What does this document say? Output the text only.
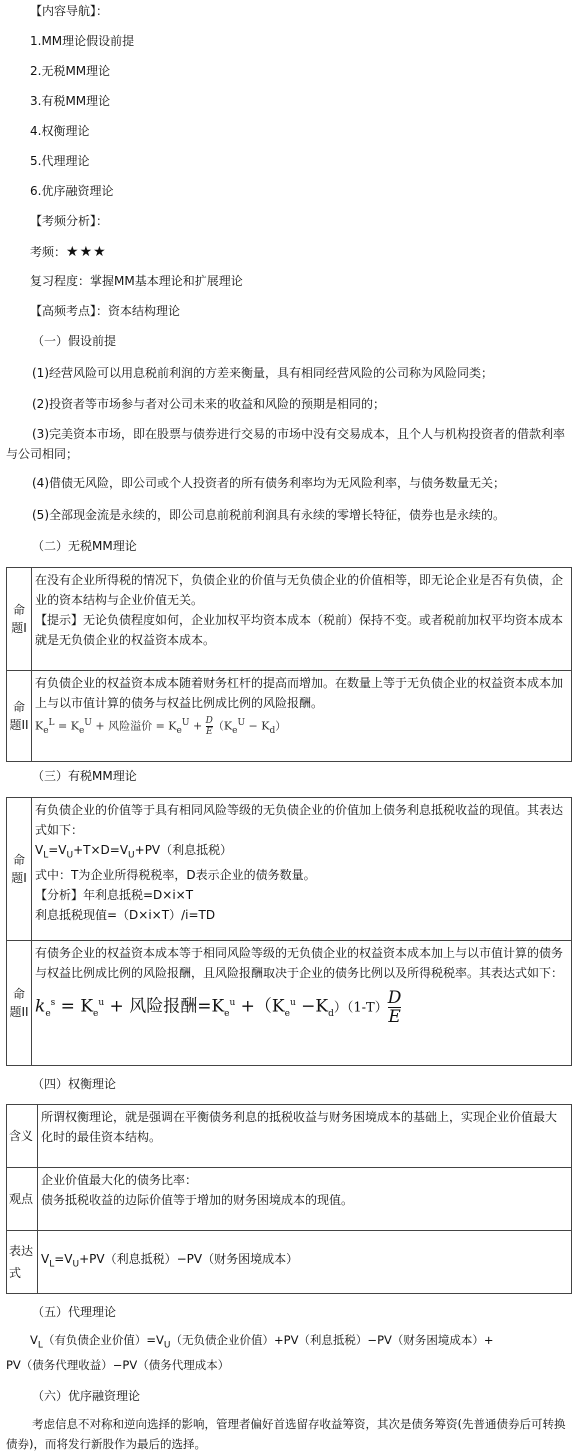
【内容导航】：
1.MM理论假设前提
2.无税MM理论
3.有税MM理论
4.权衡理论
5.代理理论
6.优序融资理论
【考频分析】：
考频：★★★
复习程度：掌握MM基本理论和扩展理论
【高频考点】：资本结构理论
（一）假设前提
(1)经营风险可以用息税前利润的方差来衡量，具有相同经营风险的公司称为风险同类；
(2)投资者等市场参与者对公司未来的收益和风险的预期是相同的；
(3)完美资本市场，即在股票与债券进行交易的市场中没有交易成本，且个人与机构投资者的借款利率与公司相同；
(4)借债无风险，即公司或个人投资者的所有债务利率均为无风险利率，与债务数量无关；
(5)全部现金流是永续的，即公司息前税前利润具有永续的零增长特征，债券也是永续的。
（二）无税MM理论
命题I	在没有企业所得税的情况下，负债企业的价值与无负债企业的价值相等，即无论企业是否有负债，企业的资本结构与企业价值无关。
【提示】无论负债程度如何，企业加权平均资本成本（税前）保持不变。或者税前加权平均资本成本就是无负债企业的权益资本成本。

命题II	有负债企业的权益资本成本随着财务杠杆的提高而增加。在数量上等于无负债企业的权益资本成本加上与以市值计算的债务与权益比例成比例的风险报酬。
$K_e^L = K_e^U$ + 风险溢价 = $K_e^U + \frac{D}{E} (K_e^U - K_d)$
（三）有税MM理论
命题I	有负债企业的价值等于具有相同风险等级的无负债企业的价值加上债务利息抵税收益的现值。其表达式如下：
$V_L=V_U+T\times D=V_U+PV$（利息抵税）
式中：T为企业所得税税率，D表示企业的债务数量。
【分析】年利息抵税=D×i×T
利息抵税现值=（D×i×T）/i=TD

命题II	有债务企业的权益资本成本等于相同风险等级的无负债企业的权益资本成本加上与以市值计算的债务与权益比例成比例的风险报酬，且风险报酬取决于企业的债务比例以及所得税税率。其表达式如下：
$k_e^s = K_e^u$ + 风险报酬$=K_e^u +(K_e^u -K_d)(1-T) \frac{D}{E}$
（四）权衡理论
含义	所谓权衡理论，就是强调在平衡债务利息的抵税收益与财务困境成本的基础上，实现企业价值最大化时的最佳资本结构。
观点	企业价值最大化的债务比率：
债务抵税收益的边际价值等于增加的财务困境成本的现值。

表达式	$V_L=V_U+PV$（利息抵税）−PV（财务困境成本）
（五）代理理论
$V_L$（有负债企业价值）$=V_U$（无负债企业价值）+PV（利息抵税）−PV（财务困境成本）+
PV（债务代理收益）−PV（债务代理成本）
（六）优序融资理论
考虑信息不对称和逆向选择的影响，管理者偏好首选留存收益筹资，其次是债务筹资(先普通债券后可转换债券)，而将发行新股作为最后的选择。
